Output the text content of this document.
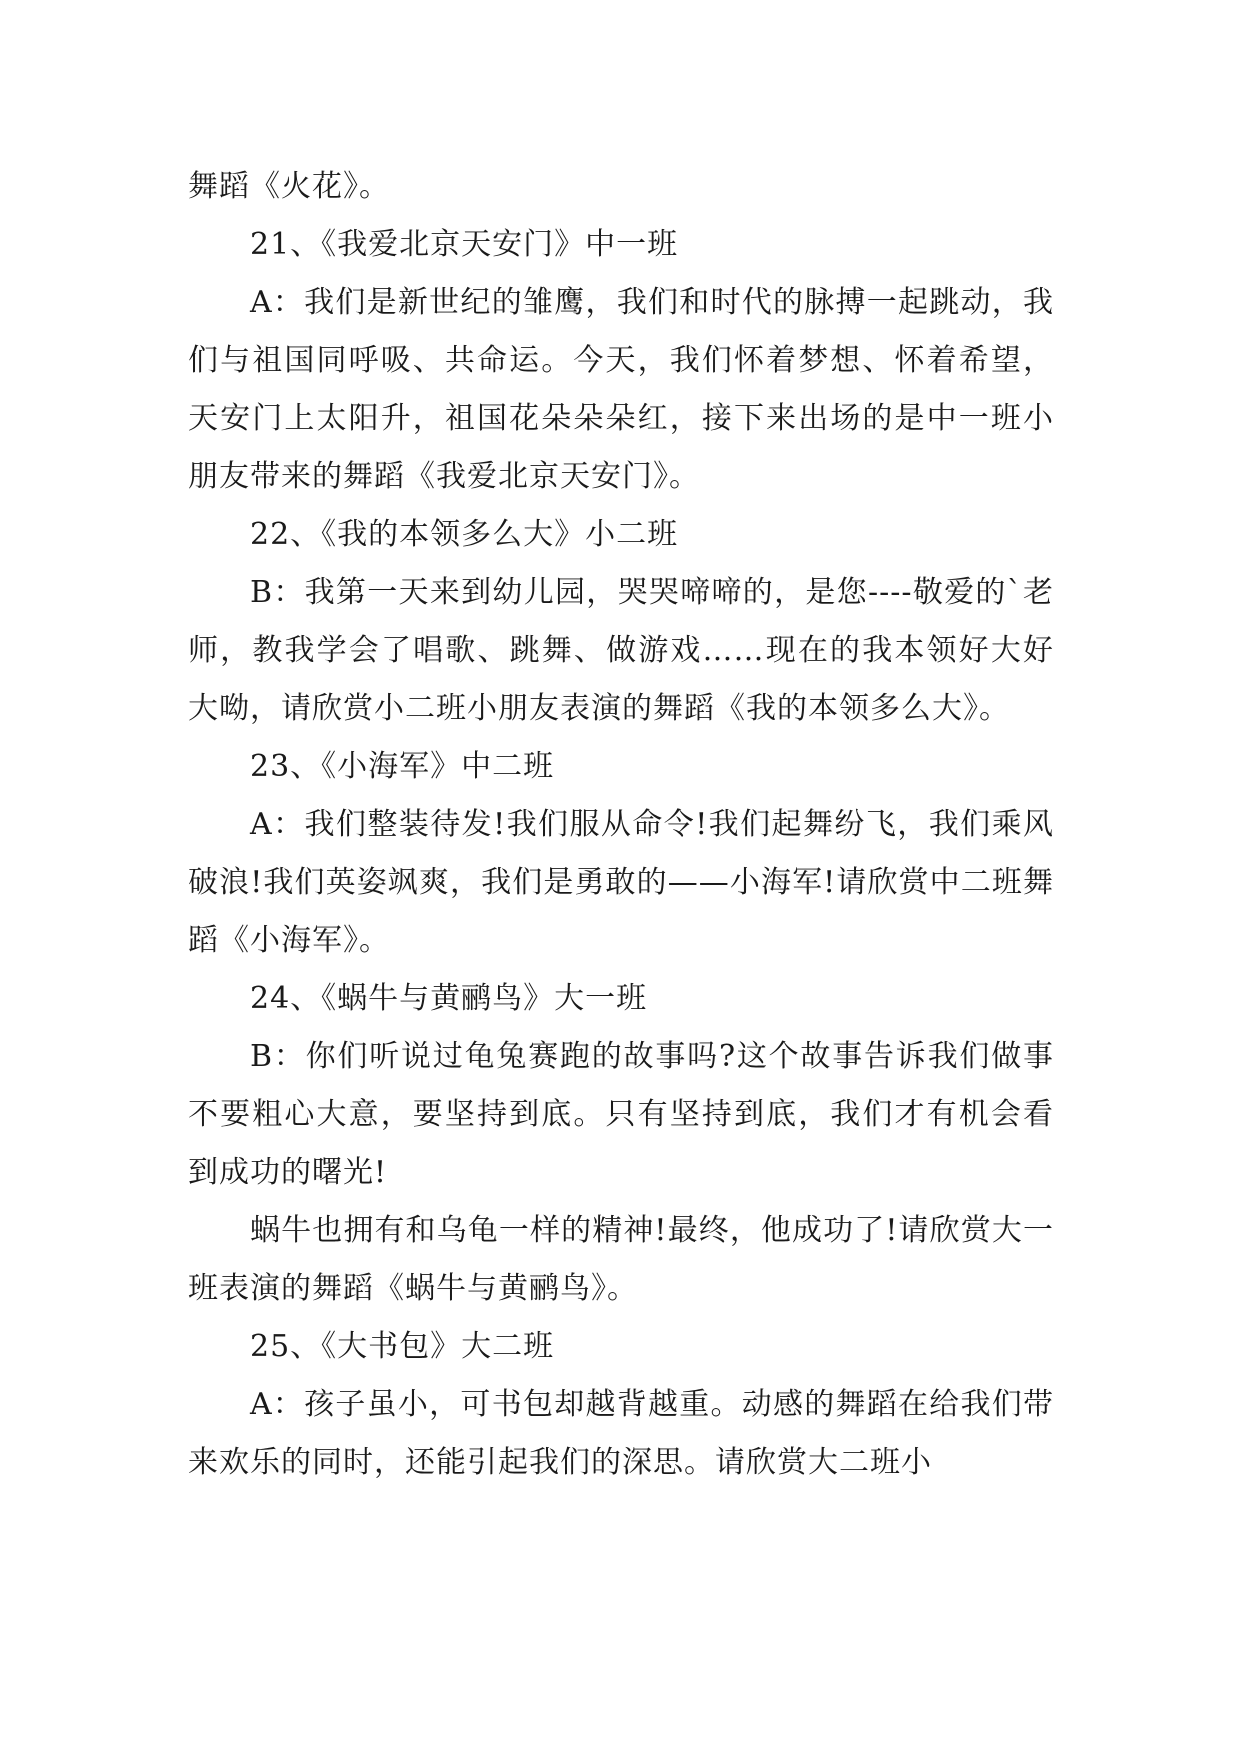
舞蹈《火花》。

21、《我爱北京天安门》中一班

A：我们是新世纪的雏鹰，我们和时代的脉搏一起跳动，我们与祖国同呼吸、共命运。今天，我们怀着梦想、怀着希望，天安门上太阳升，祖国花朵朵朵红，接下来出场的是中一班小朋友带来的舞蹈《我爱北京天安门》。

22、《我的本领多么大》小二班

B：我第一天来到幼儿园，哭哭啼啼的，是您----敬爱的`老师，教我学会了唱歌、跳舞、做游戏……现在的我本领好大好大呦，请欣赏小二班小朋友表演的舞蹈《我的本领多么大》。

23、《小海军》中二班

A：我们整装待发!我们服从命令!我们起舞纷飞，我们乘风破浪!我们英姿飒爽，我们是勇敢的——小海军!请欣赏中二班舞蹈《小海军》。

24、《蜗牛与黄鹂鸟》大一班

B：你们听说过龟兔赛跑的故事吗?这个故事告诉我们做事不要粗心大意，要坚持到底。只有坚持到底，我们才有机会看到成功的曙光!

蜗牛也拥有和乌龟一样的精神!最终，他成功了!请欣赏大一班表演的舞蹈《蜗牛与黄鹂鸟》。

25、《大书包》大二班

A：孩子虽小，可书包却越背越重。动感的舞蹈在给我们带来欢乐的同时，还能引起我们的深思。请欣赏大二班小
